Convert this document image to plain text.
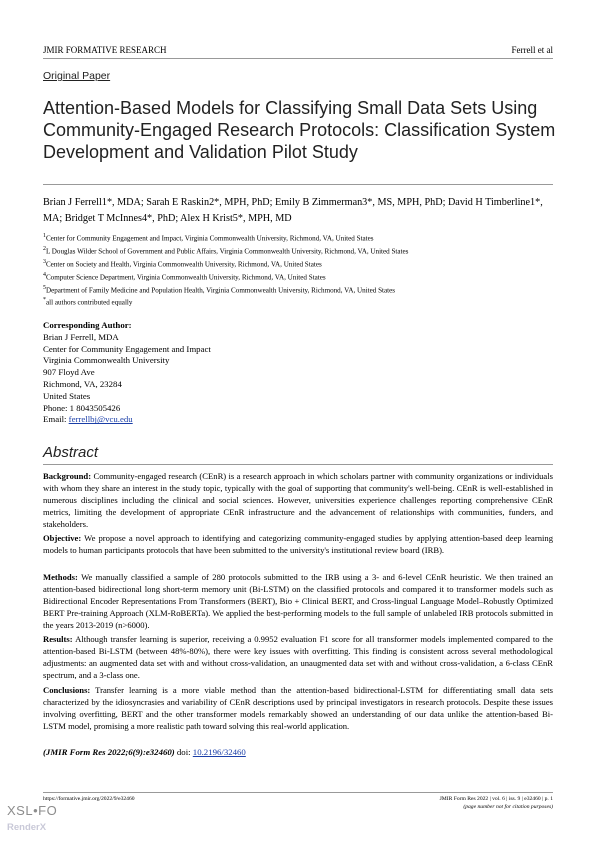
JMIR FORMATIVE RESEARCH	Ferrell et al
Original Paper
Attention-Based Models for Classifying Small Data Sets Using Community-Engaged Research Protocols: Classification System Development and Validation Pilot Study
Brian J Ferrell1*, MDA; Sarah E Raskin2*, MPH, PhD; Emily B Zimmerman3*, MS, MPH, PhD; David H Timberline1*,
MA; Bridget T McInnes4*, PhD; Alex H Krist5*, MPH, MD
$^1$Center for Community Engagement and Impact, Virginia Commonwealth University, Richmond, VA, United States
$^2$L Douglas Wilder School of Government and Public Affairs, Virginia Commonwealth University, Richmond, VA, United States
$^3$Center on Society and Health, Virginia Commonwealth University, Richmond, VA, United States
$^4$Computer Science Department, Virginia Commonwealth University, Richmond, VA, United States
$^5$Department of Family Medicine and Population Health, Virginia Commonwealth University, Richmond, VA, United States
*all authors contributed equally
Corresponding Author:
Brian J Ferrell, MDA
Center for Community Engagement and Impact
Virginia Commonwealth University
907 Floyd Ave
Richmond, VA, 23284
United States
Phone: 1 8043505426
Email: ferrellbj@vcu.edu
Abstract
Background: Community-engaged research (CEnR) is a research approach in which scholars partner with community organizations or individuals with whom they share an interest in the study topic, typically with the goal of supporting that community's well-being. CEnR is well-established in numerous disciplines including the clinical and social sciences. However, universities experience challenges reporting comprehensive CEnR metrics, limiting the development of appropriate CEnR infrastructure and the advancement of relationships with communities, funders, and stakeholders.
Objective: We propose a novel approach to identifying and categorizing community-engaged studies by applying attention-based deep learning models to human participants protocols that have been submitted to the university's institutional review board (IRB).
Methods: We manually classified a sample of 280 protocols submitted to the IRB using a 3- and 6-level CEnR heuristic. We then trained an attention-based bidirectional long short-term memory unit (Bi-LSTM) on the classified protocols and compared it to transformer models such as Bidirectional Encoder Representations From Transformers (BERT), Bio + Clinical BERT, and Cross-lingual Language Model–Robustly Optimized BERT Pre-training Approach (XLM-RoBERTa). We applied the best-performing models to the full sample of unlabeled IRB protocols submitted in the years 2013-2019 (n>6000).
Results: Although transfer learning is superior, receiving a 0.9952 evaluation F1 score for all transformer models implemented compared to the attention-based Bi-LSTM (between 48%-80%), there were key issues with overfitting. This finding is consistent across several methodological adjustments: an augmented data set with and without cross-validation, an unaugmented data set with and without cross-validation, a 6-class CEnR spectrum, and a 3-class one.
Conclusions: Transfer learning is a more viable method than the attention-based bidirectional-LSTM for differentiating small data sets characterized by the idiosyncrasies and variability of CEnR descriptions used by principal investigators in research protocols. Despite these issues involving overfitting, BERT and the other transformer models remarkably showed an understanding of our data unlike the attention-based Bi-LSTM model, promising a more realistic path toward solving this real-world application.
(JMIR Form Res 2022;6(9):e32460) doi: 10.2196/32460
https://formative.jmir.org/2022/9/e32460	JMIR Form Res 2022 | vol. 6 | iss. 9 | e32460 | p. 1
(page number not for citation purposes)
XSL•FO
RenderX
